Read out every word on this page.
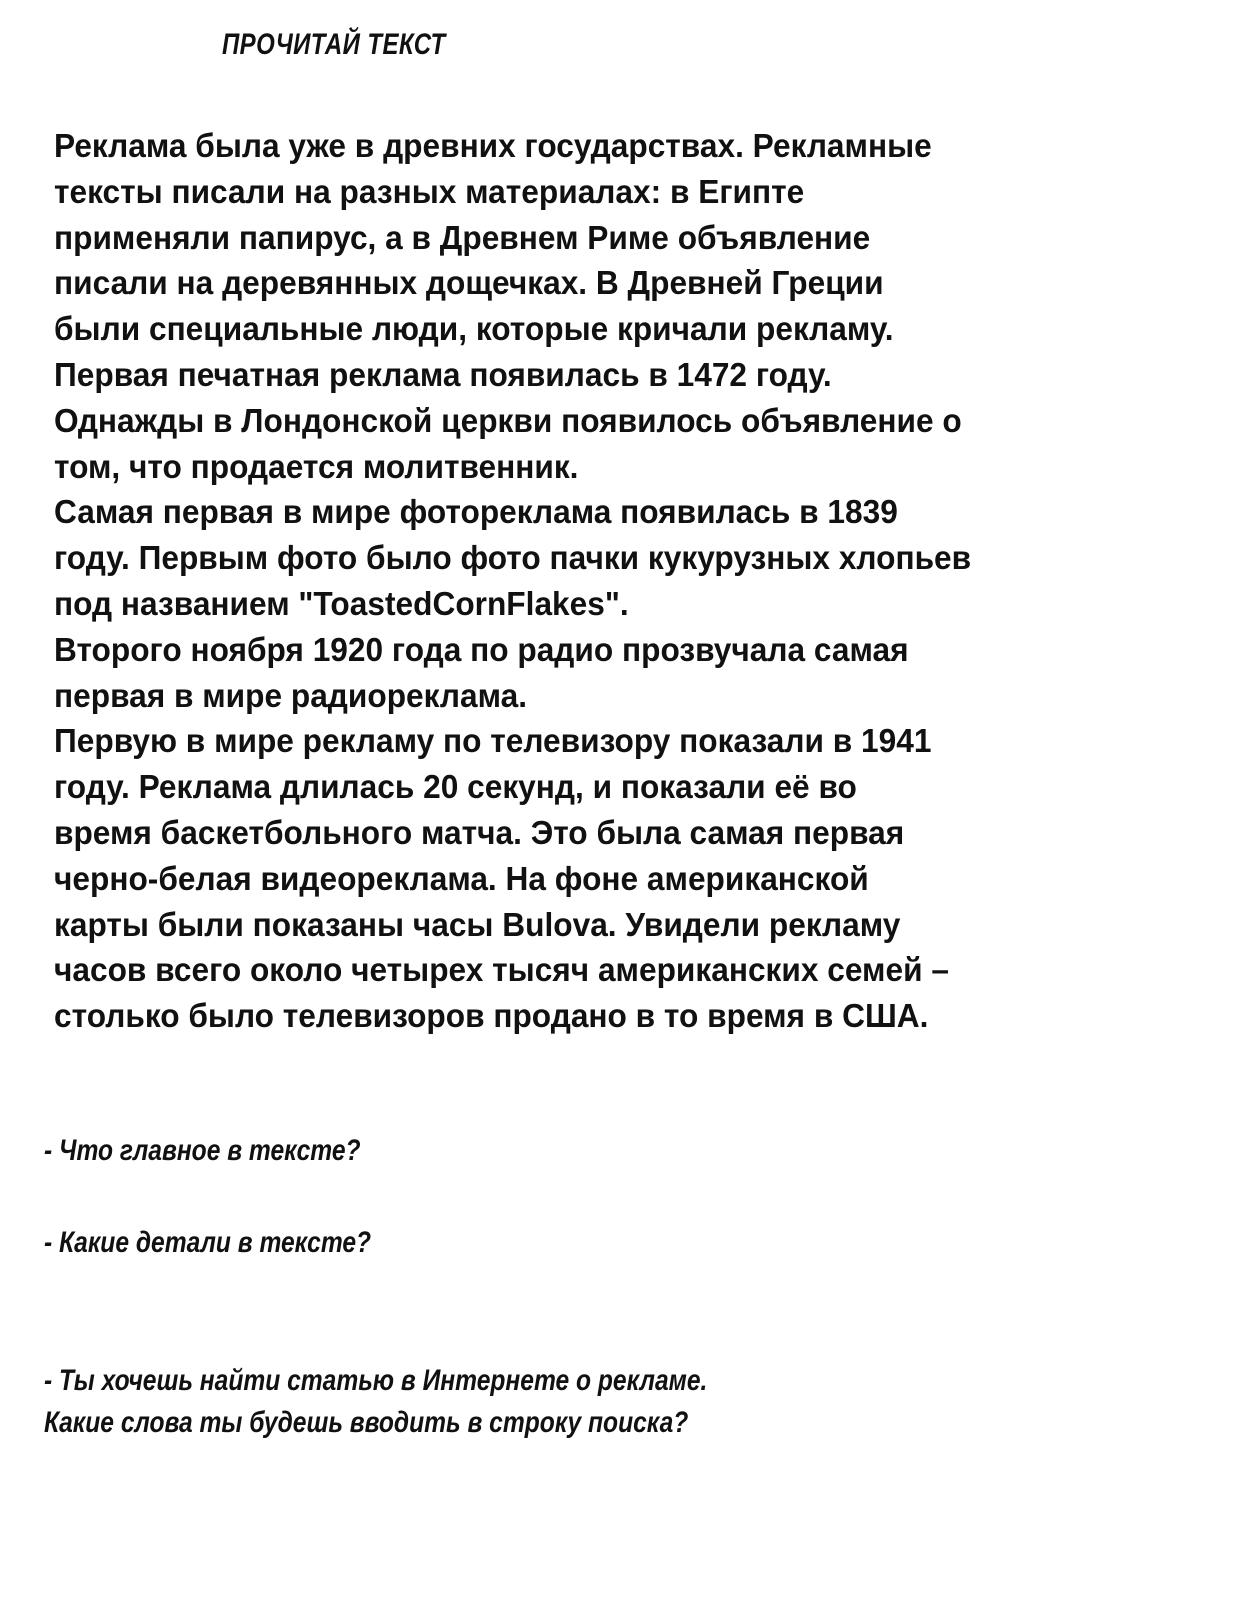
ПРОЧИТАЙ ТЕКСТ
Реклама была уже в древних государствах. Рекламные
тексты писали на разных материалах: в Египте
применяли папирус, а в Древнем Риме объявление
писали на деревянных дощечках. В Древней Греции
были специальные люди, которые кричали рекламу.
Первая печатная реклама появилась в 1472 году.
Однажды в Лондонской церкви появилось объявление о
том, что продается молитвенник.
Самая первая в мире фотореклама появилась в 1839
году. Первым фото было фото пачки кукурузных хлопьев
под названием "ToastedCornFlakes".
Второго ноября 1920 года по радио прозвучала самая
первая в мире радиореклама.
Первую в мире рекламу по телевизору показали в 1941
году. Реклама длилась 20 секунд, и показали её во
время баскетбольного матча. Это была самая первая
черно-белая видеореклама. На фоне американской
карты были показаны часы Bulova. Увидели рекламу
часов всего около четырех тысяч американских семей –
столько было телевизоров продано в то время в США.
- Что главное в тексте?
- Какие детали в тексте?
- Ты хочешь найти статью в Интернете о рекламе.
Какие слова ты будешь вводить в строку поиска?
